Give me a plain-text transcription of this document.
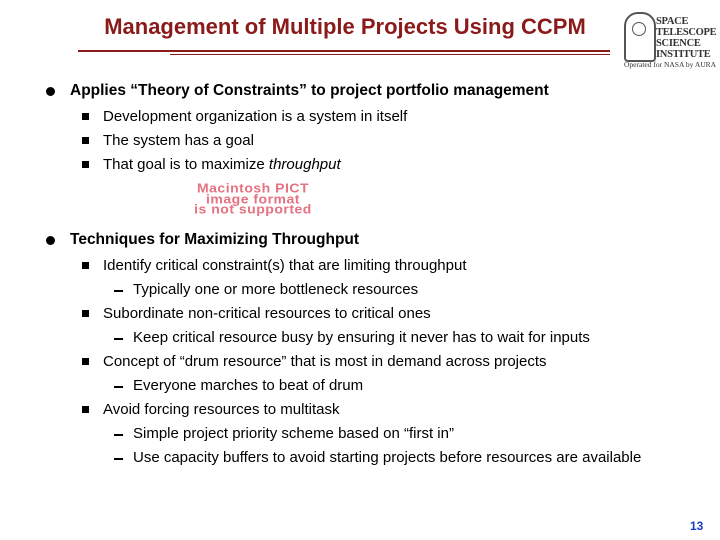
Management of Multiple Projects Using CCPM	SPACE
TELESCOPE
SCIENCE
INSTITUTE
Operated for NASA by AURA
Applies “Theory of Constraints” to project portfolio management
Development organization is a system in itself
The system has a goal
That goal is to maximize throughput
Macintosh PICT
image format
is not supported
Techniques for Maximizing Throughput
Identify critical constraint(s) that are limiting throughput
Typically one or more bottleneck resources
Subordinate non-critical resources to critical ones
Keep critical resource busy by ensuring it never has to wait for inputs
Concept of “drum resource” that is most in demand across projects
Everyone marches to beat of drum
Avoid forcing resources to multitask
Simple project priority scheme based on “first in”
Use capacity buffers to avoid starting projects before resources are available
13
